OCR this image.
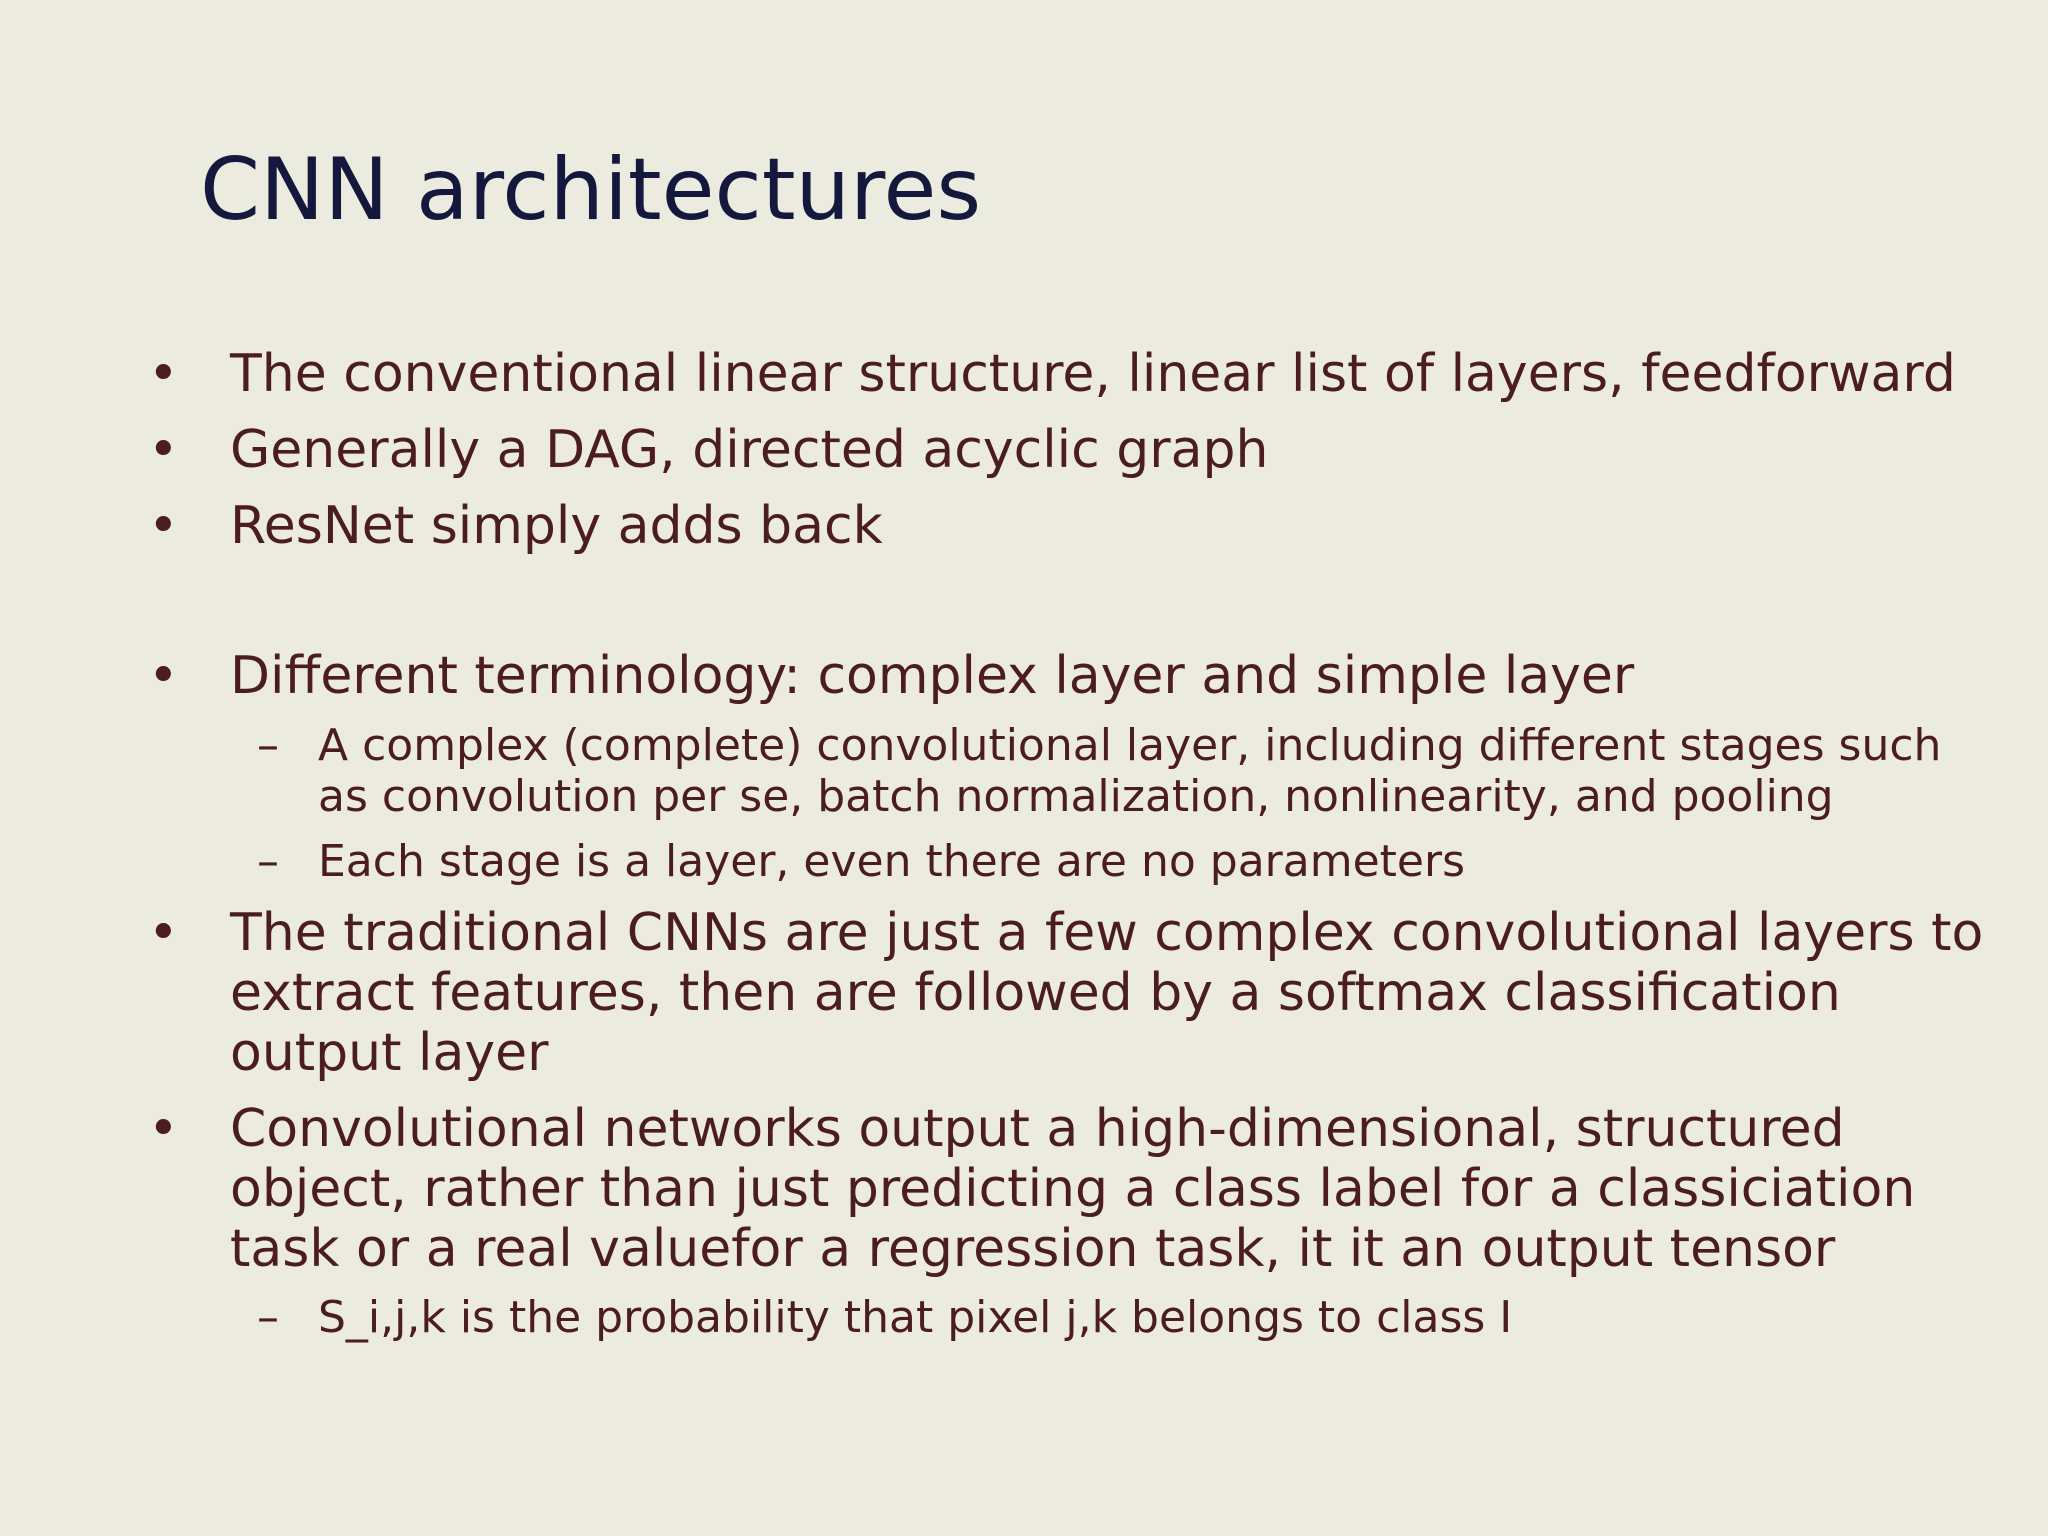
CNN architectures
• The conventional linear structure, linear list of layers, feedforward
• Generally a DAG, directed acyclic graph
• ResNet simply adds back
• Different terminology: complex layer and simple layer
– A complex (complete) convolutional layer, including different stages such
as convolution per se, batch normalization, nonlinearity, and pooling
– Each stage is a layer, even there are no parameters
• The traditional CNNs are just a few complex convolutional layers to
extract features, then are followed by a softmax classification
output layer
• Convolutional networks output a high-dimensional, structured
object, rather than just predicting a class label for a classiciation
task or a real valuefor a regression task, it it an output tensor
– S_i,j,k is the probability that pixel j,k belongs to class I
